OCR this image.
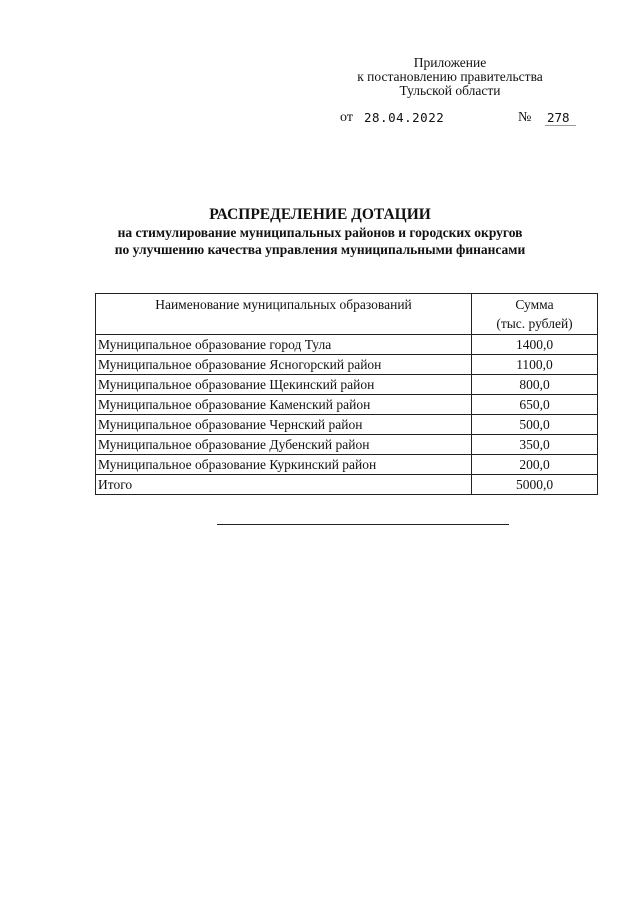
Приложение
к постановлению правительства
Тульской области
от 28.04.2022	№ 278
РАСПРЕДЕЛЕНИЕ ДОТАЦИИ
на стимулирование муниципальных районов и городских округов
по улучшению качества управления муниципальными финансами
Наименование муниципальных образований	Сумма
(тыс. рублей)

Муниципальное образование город Тула	1400,0
Муниципальное образование Ясногорский район	1100,0
Муниципальное образование Щекинский район	800,0
Муниципальное образование Каменский район	650,0
Муниципальное образование Чернский район	500,0
Муниципальное образование Дубенский район	350,0
Муниципальное образование Куркинский район	200,0
Итого	5000,0
